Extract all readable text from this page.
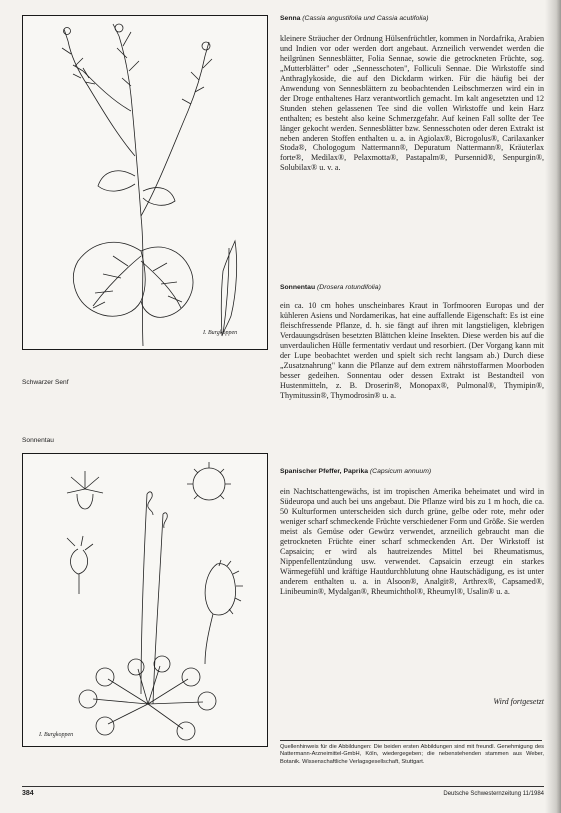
I. Burgkoppen
Schwarzer Senf
Sonnentau
I. Burgkoppen
Senna (Cassia angustifolia und Cassia acutifolia)

kleinere Sträucher der Ordnung Hülsenfrüchtler, kommen in Nordafrika, Arabien und Indien vor oder werden dort angebaut. Arzneilich verwendet werden die heilgrünen Sennesblätter, Folia Sennae, sowie die getrockneten Früchte, sog. „Mutterblätter" oder „Sennesschoten", Folliculi Sennae. Die Wirkstoffe sind Anthraglykoside, die auf den Dickdarm wirken. Für die häufig bei der Anwendung von Sennesblättern zu beobachtenden Leibschmerzen wird ein in der Droge enthaltenes Harz verantwortlich gemacht. Im kalt angesetzten und 12 Stunden stehen gelassenen Tee sind die vollen Wirkstoffe und kein Harz enthalten; es besteht also keine Schmerzgefahr. Auf keinen Fall sollte der Tee länger gekocht werden. Sennesblätter bzw. Sennesschoten oder deren Extrakt ist neben anderen Stoffen enthalten u. a. in Agiolax®, Bicrogolus®, Carilaxanker Stoda®, Chologogum Nattermann®, Depuratum Nattermann®, Kräuterlax forte®, Medilax®, Pelaxmotta®, Pastapalm®, Pursennid®, Senpurgin®, Solubilax® u. v. a.

Sonnentau (Drosera rotundifolia)

ein ca. 10 cm hohes unscheinbares Kraut in Torfmooren Europas und der kühleren Asiens und Nordamerikas, hat eine auffallende Eigenschaft: Es ist eine fleischfressende Pflanze, d. h. sie fängt auf ihren mit langstieligen, klebrigen Verdauungsdrüsen besetzten Blättchen kleine Insekten. Diese werden bis auf die unverdaulichen Hülle fermentativ verdaut und resorbiert. (Der Vorgang kann mit der Lupe beobachtet werden und spielt sich recht langsam ab.) Durch diese „Zusatznahrung" kann die Pflanze auf dem extrem nährstoffarmen Moorboden besser gedeihen. Sonnentau oder dessen Extrakt ist Bestandteil von Hustenmitteln, z. B. Droserin®, Monopax®, Pulmonal®, Thymipin®, Thymitussin®, Thymodrosin® u. a.

Spanischer Pfeffer, Paprika (Capsicum annuum)

ein Nachtschattengewächs, ist im tropischen Amerika beheimatet und wird in Südeuropa und auch bei uns angebaut. Die Pflanze wird bis zu 1 m hoch, die ca. 50 Kulturformen unterscheiden sich durch grüne, gelbe oder rote, mehr oder weniger scharf schmeckende Früchte verschiedener Form und Größe. Sie werden meist als Gemüse oder Gewürz verwendet, arzneilich gebraucht man die getrockneten Früchte einer scharf schmeckenden Art. Der Wirkstoff ist Capsaicin; er wird als hautreizendes Mittel bei Rheumatismus, Nippenfellentzündung usw. verwendet. Capsaicin erzeugt ein starkes Wärmegefühl und kräftige Hautdurchblutung ohne Hautschädigung, es ist unter anderem enthalten u. a. in Alsoon®, Analgit®, Arthrex®, Capsamed®, Linibeumin®, Mydalgan®, Rheumichthol®, Rheumyl®, Usalin® u. a.

Wird fortgesetzt
Quellenhinweis für die Abbildungen: Die beiden ersten Abbildungen sind mit freundl. Genehmigung des Nattermann-Arzneimittel-GmbH, Köln, wiedergegeben; die nebenstehenden stammen aus Weber, Botanik. Wissenschaftliche Verlagsgesellschaft, Stuttgart.
384	Deutsche Schwesternzeitung 11/1984
